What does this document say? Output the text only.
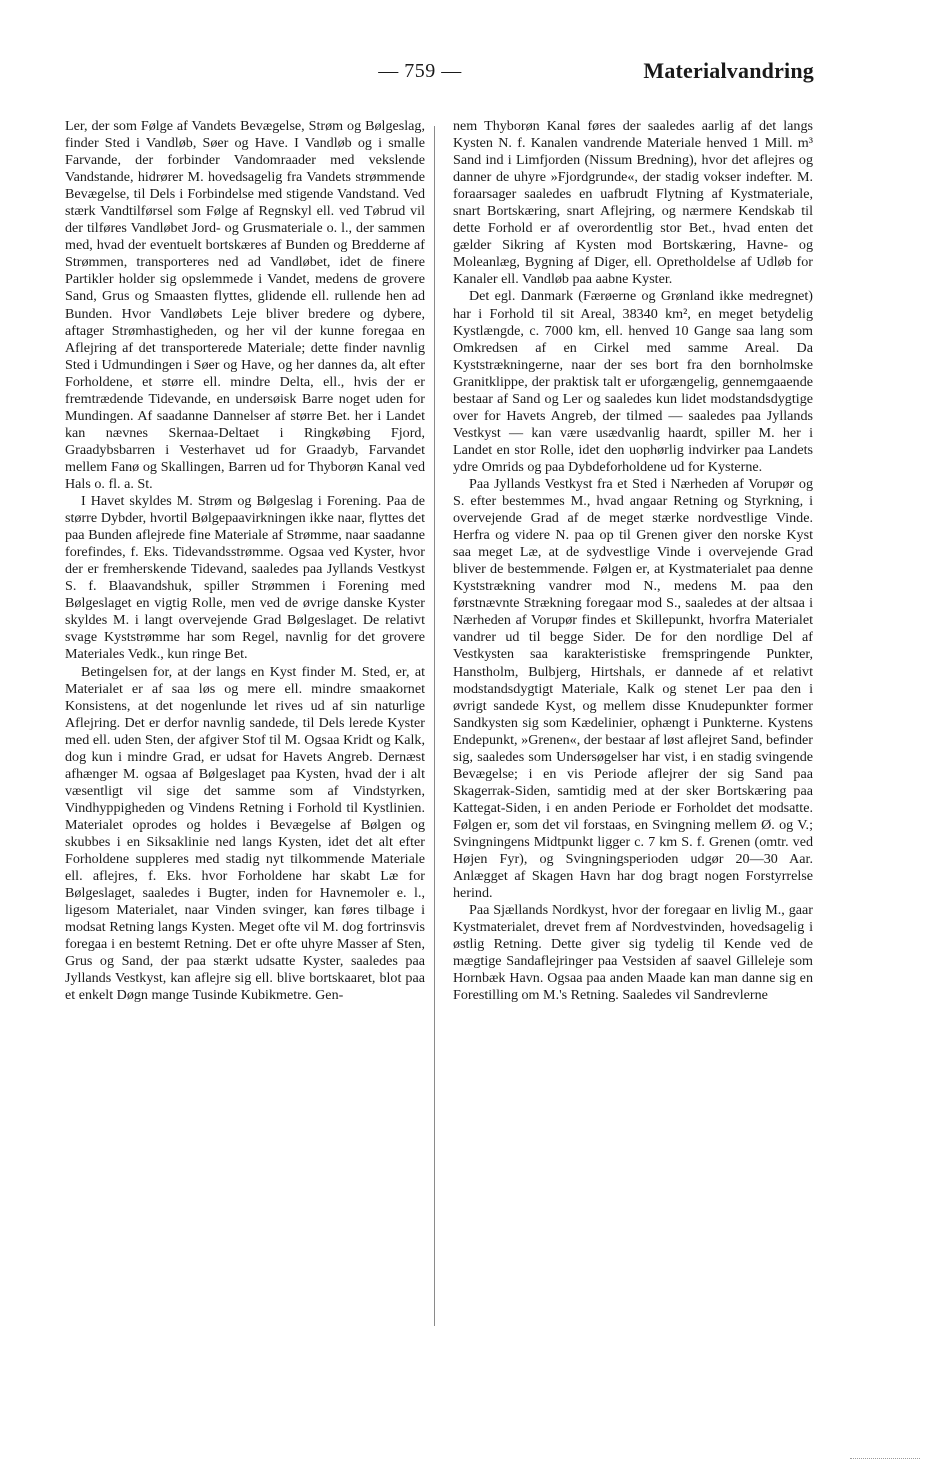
— 759 —	Materialvandring

Ler, der som Følge af Vandets Bevægelse, Strøm og Bølgeslag, finder Sted i Vandløb, Søer og Have. I Vandløb og i smalle Farvande, der forbinder Vandomraader med vekslende Vandstande, hidrører M. hovedsagelig fra Vandets strømmende Bevægelse, til Dels i Forbindelse med stigende Vandstand. Ved stærk Vandtilførsel som Følge af Regnskyl ell. ved Tøbrud vil der tilføres Vandløbet Jord- og Grusmateriale o. l., der sammen med, hvad der eventuelt bortskæres af Bunden og Bredderne af Strømmen, transporteres ned ad Vandløbet, idet de finere Partikler holder sig opslemmede i Vandet, medens de grovere Sand, Grus og Smaasten flyttes, glidende ell. rullende hen ad Bunden. Hvor Vandløbets Leje bliver bredere og dybere, aftager Strømhastigheden, og her vil der kunne foregaa en Aflejring af det transporterede Materiale; dette finder navnlig Sted i Udmundingen i Søer og Have, og her dannes da, alt efter Forholdene, et større ell. mindre Delta, ell., hvis der er fremtrædende Tidevande, en undersøisk Barre noget uden for Mundingen. Af saadanne Dannelser af større Bet. her i Landet kan nævnes Skernaa-Deltaet i Ringkøbing Fjord, Graadybsbarren i Vesterhavet ud for Graadyb, Farvandet mellem Fanø og Skallingen, Barren ud for Thyborøn Kanal ved Hals o. fl. a. St.

I Havet skyldes M. Strøm og Bølgeslag i Forening. Paa de større Dybder, hvortil Bølgepaavirkningen ikke naar, flyttes det paa Bunden aflejrede fine Materiale af Strømme, naar saadanne forefindes, f. Eks. Tidevandsstrømme. Ogsaa ved Kyster, hvor der er fremherskende Tidevand, saaledes paa Jyllands Vestkyst S. f. Blaavandshuk, spiller Strømmen i Forening med Bølgeslaget en vigtig Rolle, men ved de øvrige danske Kyster skyldes M. i langt overvejende Grad Bølgeslaget. De relativt svage Kyststrømme har som Regel, navnlig for det grovere Materiales Vedk., kun ringe Bet.

Betingelsen for, at der langs en Kyst finder M. Sted, er, at Materialet er af saa løs og mere ell. mindre smaakornet Konsistens, at det nogenlunde let rives ud af sin naturlige Aflejring. Det er derfor navnlig sandede, til Dels lerede Kyster med ell. uden Sten, der afgiver Stof til M. Ogsaa Kridt og Kalk, dog kun i mindre Grad, er udsat for Havets Angreb. Dernæst afhænger M. ogsaa af Bølgeslaget paa Kysten, hvad der i alt væsentligt vil sige det samme som af Vindstyrken, Vindhyppigheden og Vindens Retning i Forhold til Kystlinien. Materialet oprodes og holdes i Bevægelse af Bølgen og skubbes i en Siksaklinie ned langs Kysten, idet det alt efter Forholdene suppleres med stadig nyt tilkommende Materiale ell. aflejres, f. Eks. hvor Forholdene har skabt Læ for Bølgeslaget, saaledes i Bugter, inden for Havnemoler e. l., ligesom Materialet, naar Vinden svinger, kan føres tilbage i modsat Retning langs Kysten. Meget ofte vil M. dog fortrinsvis foregaa i en bestemt Retning. Det er ofte uhyre Masser af Sten, Grus og Sand, der paa stærkt udsatte Kyster, saaledes paa Jyllands Vestkyst, kan aflejre sig ell. blive bortskaaret, blot paa et enkelt Døgn mange Tusinde Kubikmetre. Gen-

nem Thyborøn Kanal føres der saaledes aarlig af det langs Kysten N. f. Kanalen vandrende Materiale henved 1 Mill. m³ Sand ind i Limfjorden (Nissum Bredning), hvor det aflejres og danner de uhyre »Fjordgrunde«, der stadig vokser indefter. M. foraarsager saaledes en uafbrudt Flytning af Kystmateriale, snart Bortskæring, snart Aflejring, og nærmere Kendskab til dette Forhold er af overordentlig stor Bet., hvad enten det gælder Sikring af Kysten mod Bortskæring, Havne- og Moleanlæg, Bygning af Diger, ell. Opretholdelse af Udløb for Kanaler ell. Vandløb paa aabne Kyster.

Det egl. Danmark (Færøerne og Grønland ikke medregnet) har i Forhold til sit Areal, 38340 km², en meget betydelig Kystlængde, c. 7000 km, ell. henved 10 Gange saa lang som Omkredsen af en Cirkel med samme Areal. Da Kyststrækningerne, naar der ses bort fra den bornholmske Granitklippe, der praktisk talt er uforgængelig, gennemgaaende bestaar af Sand og Ler og saaledes kun lidet modstandsdygtige over for Havets Angreb, der tilmed — saaledes paa Jyllands Vestkyst — kan være usædvanlig haardt, spiller M. her i Landet en stor Rolle, idet den uophørlig indvirker paa Landets ydre Omrids og paa Dybdeforholdene ud for Kysterne.

Paa Jyllands Vestkyst fra et Sted i Nærheden af Vorupør og S. efter bestemmes M., hvad angaar Retning og Styrkning, i overvejende Grad af de meget stærke nordvestlige Vinde. Herfra og videre N. paa op til Grenen giver den norske Kyst saa meget Læ, at de sydvestlige Vinde i overvejende Grad bliver de bestemmende. Følgen er, at Kystmaterialet paa denne Kyststrækning vandrer mod N., medens M. paa den førstnævnte Strækning foregaar mod S., saaledes at der altsaa i Nærheden af Vorupør findes et Skillepunkt, hvorfra Materialet vandrer ud til begge Sider. De for den nordlige Del af Vestkysten saa karakteristiske fremspringende Punkter, Hanstholm, Bulbjerg, Hirtshals, er dannede af et relativt modstandsdygtigt Materiale, Kalk og stenet Ler paa den i øvrigt sandede Kyst, og mellem disse Knudepunkter former Sandkysten sig som Kædelinier, ophængt i Punkterne. Kystens Endepunkt, »Grenen«, der bestaar af løst aflejret Sand, befinder sig, saaledes som Undersøgelser har vist, i en stadig svingende Bevægelse; i en vis Periode aflejrer der sig Sand paa Skagerrak-Siden, samtidig med at der sker Bortskæring paa Kattegat-Siden, i en anden Periode er Forholdet det modsatte. Følgen er, som det vil forstaas, en Svingning mellem Ø. og V.; Svingningens Midtpunkt ligger c. 7 km S. f. Grenen (omtr. ved Højen Fyr), og Svingningsperioden udgør 20—30 Aar. Anlægget af Skagen Havn har dog bragt nogen Forstyrrelse herind.

Paa Sjællands Nordkyst, hvor der foregaar en livlig M., gaar Kystmaterialet, drevet frem af Nordvestvinden, hovedsagelig i østlig Retning. Dette giver sig tydelig til Kende ved de mægtige Sandaflejringer paa Vestsiden af saavel Gilleleje som Hornbæk Havn. Ogsaa paa anden Maade kan man danne sig en Forestilling om M.'s Retning. Saaledes vil Sandrevlerne
